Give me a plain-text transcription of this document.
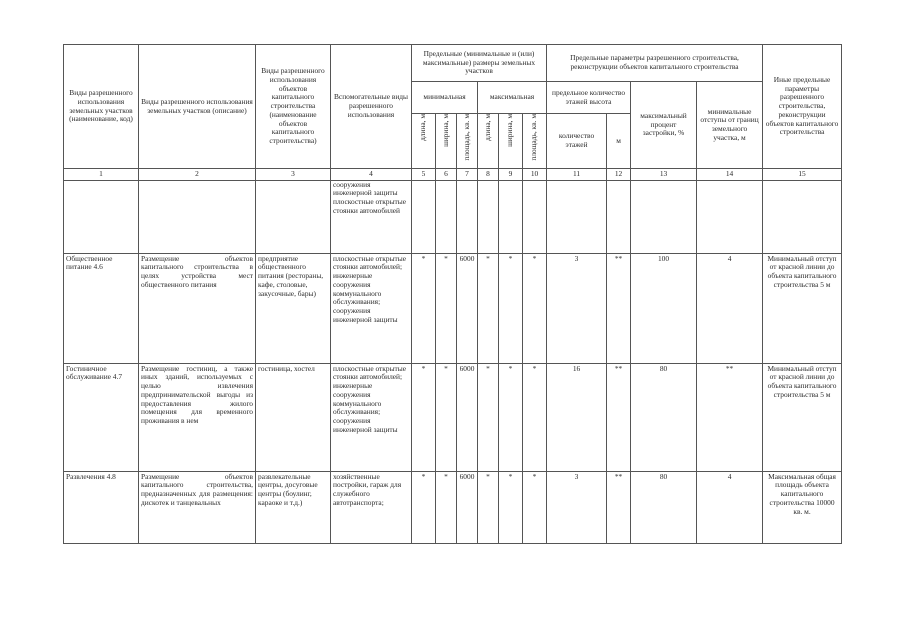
Виды разрешенного использования земельных участков (наименование, код)	Виды разрешенного использования земельных участков (описание)	Виды разрешенного использования объектов капитального строительства (наименование объектов капитального строительства)	Вспомогательные виды разрешенного использования	Предельные (минимальные и (или) максимальные) размеры земельных участков						Предельные параметры разрешенного строительства, реконструкции объектов капитального строительства				Иные предельные параметры разрешенного строительства, реконструкции объектов капитального строительства
				минимальная			максимальная			предельное количество этажей высота		максимальный процент застройки, %	минимальные отступы от границ земельного участка, м	

				длина, м	ширина, м	площадь, кв. м	длина, м	ширина, м	площадь, кв. м	количество этажей	м			
1	2	3	4	5	6	7	8	9	10	11	12	13	14	15
			сооружения инженерной защиты плоскостные открытые стоянки автомобилей											
Общественное питание 4.6	Размещение объектов капитального строительства в целях устройства мест общественного питания	предприятие общественного питания (рестораны, кафе, столовые, закусочные, бары)	плоскостные открытые стоянки автомобилей; инженерные сооружения коммунального обслуживания; сооружения инженерной защиты	*	*	6000	*	*	*	3	**	100	4	Минимальный отступ от красной линии до объекта капитального строительства 5 м
Гостиничное обслуживание 4.7	Размещение гостиниц, а также иных зданий, используемых с целью извлечения предпринимательской выгоды из предоставления жилого помещения для временного проживания в нем	гостиница, хостел	плоскостные открытые стоянки автомобилей; инженерные сооружения коммунального обслуживания; сооружения инженерной защиты	*	*	6000	*	*	*	16	**	80	**	Минимальный отступ от красной линии до объекта капитального строительства 5 м
Развлечения 4.8	Размещение объектов капитального строительства, предназначенных для размещения: дискотек и танцевальных	развлекательные центры, досуговые центры (боулинг, караоке и т.д.)	хозяйственные постройки, гараж для служебного автотранспорта;	*	*	6000	*	*	*	3	**	80	4	Максимальная общая площадь объекта капитального строительства 10000 кв. м.
